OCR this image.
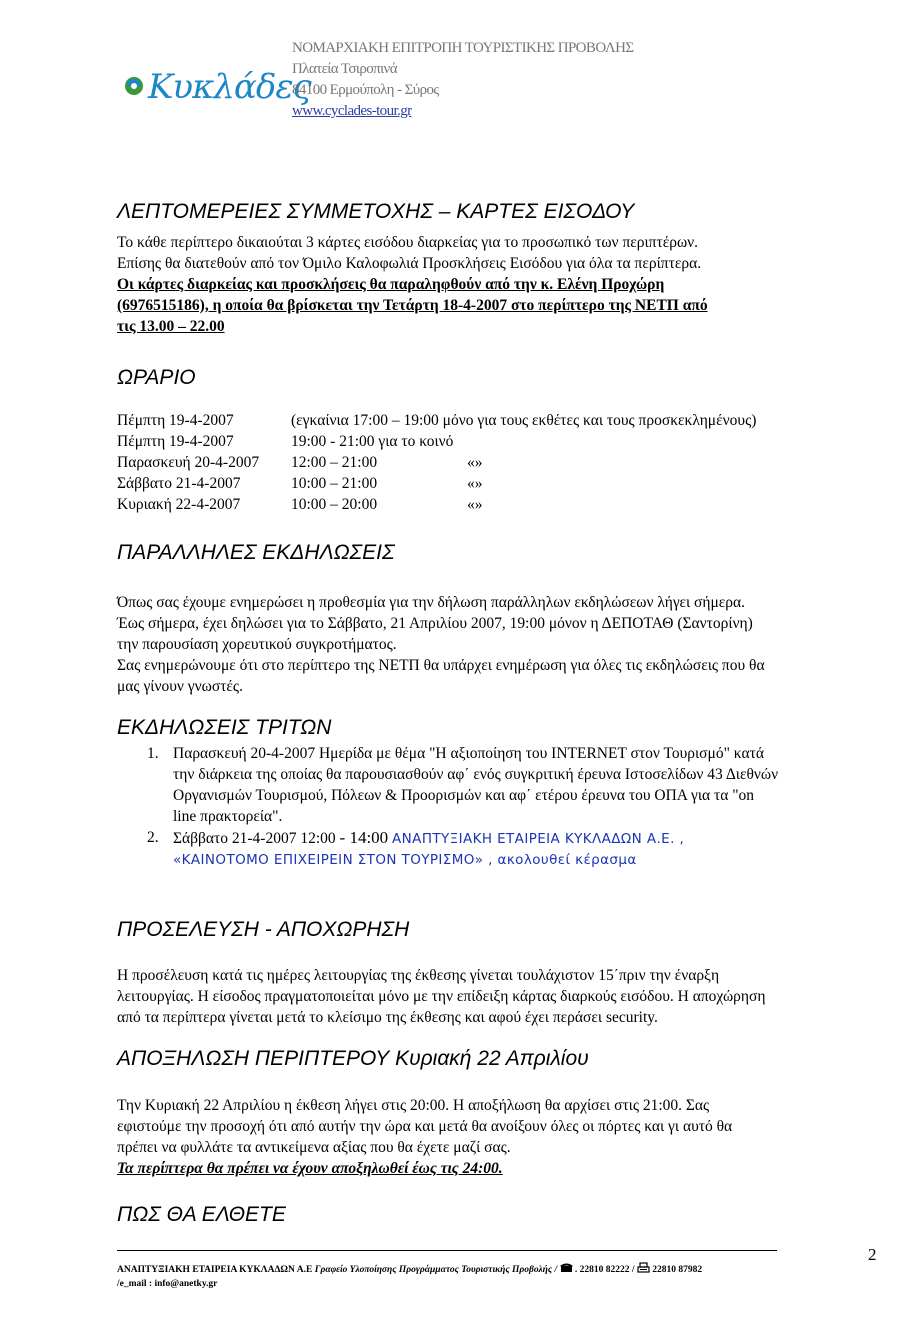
Κυκλάδες
ΝΟΜΑΡΧΙΑΚΗ ΕΠΙΤΡΟΠΗ ΤΟΥΡΙΣΤΙΚΗΣ ΠΡΟΒΟΛΗΣ
Πλατεία Τσιροπινά
84100 Ερμούπολη - Σύρος
www.cyclades-tour.gr
ΛΕΠΤΟΜΕΡΕΙΕΣ ΣΥΜΜΕΤΟΧΗΣ – ΚΑΡΤΕΣ ΕΙΣΟΔΟΥ
Το κάθε περίπτερο δικαιούται 3 κάρτες εισόδου διαρκείας για το προσωπικό των περιπτέρων.
Επίσης θα διατεθούν από τον Όμιλο Καλοφωλιά Προσκλήσεις Εισόδου για όλα τα περίπτερα.
Οι κάρτες διαρκείας και προσκλήσεις θα παραληφθούν από την κ. Ελένη Προχώρη
(6976515186), η οποία θα βρίσκεται την Τετάρτη 18-4-2007 στο περίπτερο της ΝΕΤΠ από
τις 13.00 – 22.00
ΩΡΑΡΙΟ
Πέμπτη 19-4-2007	(εγκαίνια 17:00 – 19:00 μόνο για τους εκθέτες και τους προσκεκλημένους)
Πέμπτη 19-4-2007	19:00 - 21:00 για το κοινό
Παρασκευή 20-4-2007 12:00 – 21:00	«»
Σάββατο 21-4-2007	10:00 – 21:00	«»
Κυριακή 22-4-2007	10:00 – 20:00	«»
ΠΑΡΑΛΛΗΛΕΣ ΕΚΔΗΛΩΣΕΙΣ
Όπως σας έχουμε ενημερώσει η προθεσμία για την δήλωση παράλληλων εκδηλώσεων λήγει σήμερα.
Έως σήμερα, έχει δηλώσει για το Σάββατο, 21 Απριλίου 2007, 19:00 μόνον η ΔΕΠΟΤΑΘ (Σαντορίνη)
την παρουσίαση χορευτικού συγκροτήματος.
Σας ενημερώνουμε ότι στο περίπτερο της ΝΕΤΠ θα υπάρχει ενημέρωση για όλες τις εκδηλώσεις που θα
μας γίνουν γνωστές.
ΕΚΔΗΛΩΣΕΙΣ ΤΡΙΤΩΝ
1. Παρασκευή 20-4-2007 Ημερίδα με θέμα "Η αξιοποίηση του INTERNET στον Τουρισμό" κατά
την διάρκεια της οποίας θα παρουσιασθούν αφ΄ ενός συγκριτική έρευνα Ιστοσελίδων 43 Διεθνών
Οργανισμών Τουρισμού, Πόλεων & Προορισμών και αφ΄ ετέρου έρευνα του ΟΠΑ για τα "on
line πρακτορεία".
2. Σάββατο 21-4-2007 12:00 - 14:00 ΑΝΑΠΤΥΞΙΑΚΗ ΕΤΑΙΡΕΙΑ ΚΥΚΛΑΔΩΝ Α.Ε. ,
«ΚΑΙΝΟΤΟΜΟ ΕΠΙΧΕΙΡΕΙΝ ΣΤΟΝ ΤΟΥΡΙΣΜΟ» , ακολουθεί κέρασμα
ΠΡΟΣΕΛΕΥΣΗ - ΑΠΟΧΩΡΗΣΗ
Η προσέλευση κατά τις ημέρες λειτουργίας της έκθεσης γίνεται τουλάχιστον 15΄πριν την έναρξη
λειτουργίας. Η είσοδος πραγματοποιείται μόνο με την επίδειξη κάρτας διαρκούς εισόδου. Η αποχώρηση
από τα περίπτερα γίνεται μετά το κλείσιμο της έκθεσης και αφού έχει περάσει security.
ΑΠΟΞΗΛΩΣΗ ΠΕΡΙΠΤΕΡΟΥ Κυριακή 22 Απριλίου
Την Κυριακή 22 Απριλίου η έκθεση λήγει στις 20:00. Η αποξήλωση θα αρχίσει στις 21:00. Σας
εφιστούμε την προσοχή ότι από αυτήν την ώρα και μετά θα ανοίξουν όλες οι πόρτες και γι αυτό θα
πρέπει να φυλλάτε τα αντικείμενα αξίας που θα έχετε μαζί σας.
Τα περίπτερα θα πρέπει να έχουν αποξηλωθεί έως τις 24:00.
ΠΩΣ ΘΑ ΕΛΘΕΤΕ
2
ΑΝΑΠΤΥΞΙΑΚΗ ΕΤΑΙΡΕΙΑ ΚΥΚΛΑΔΩΝ Α.Ε Γραφείο Υλοποίησης Προγράμματος Τουριστικής Προβολής /  . 22810 82222 /  22810 87982
/e_mail : info@anetky.gr
